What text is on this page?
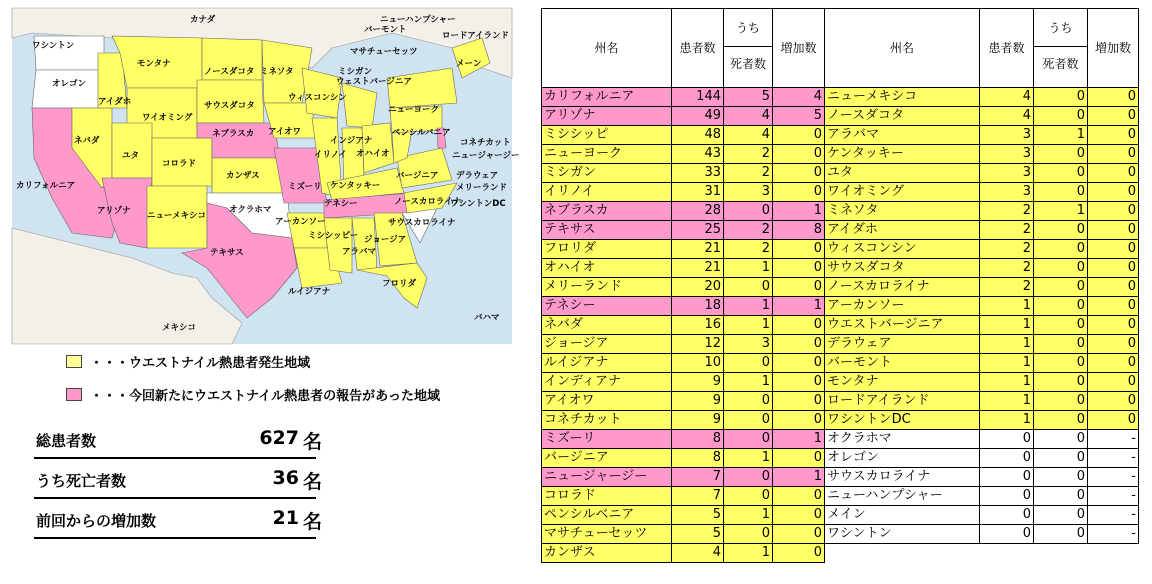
カナダ
メキシコ
バハマ
ワシントン
オレゴン
カリフォルニア
ネバダ
アイダホ
モンタナ
ワイオミング
ユタ
アリゾナ
コロラド
ニューメキシコ
ノースダコタ
サウスダコタ
ネブラスカ
カンザス
オクラホマ
テキサス
ミネソタ
アイオワ
ミズーリ
アーカンソー
ルイジアナ
ウィスコンシン
イリノイ
ミシガン
インジアナ
オハイオ
ケンタッキー
テネシー
ミシシッピー
アラバマ
ジョージア
フロリダ
サウスカロライナ
ノースカロライナ
バージニア
ウェストバージニア
ペンシルバニア
ニューヨーク
バーモント
ニューハンプシャー
マサチューセッツ
ロードアイランド
メーン
コネチカット
ニュージャージー
デラウェア
メリーランド
ワシントンDC
・・・ウエストナイル熱患者発生地域
・・・今回新たにウエストナイル熱患者の報告があった地域
総患者数	627 名
うち死亡者数	36 名
前回からの増加数	21 名
州名	患者数	うち
死者数	増加数
カリフォルニア	144	5	4
アリゾナ	49	4	5
ミシシッピ	48	4	0
ニューヨーク	43	2	0
ミシガン	33	2	0
イリノイ	31	3	0
ネブラスカ	28	0	1
テキサス	25	2	8
フロリダ	21	2	0
オハイオ	21	1	0
メリーランド	20	0	0
テネシー	18	1	1
ネバダ	16	1	0
ジョージア	12	3	0
ルイジアナ	10	0	0
インディアナ	9	1	0
アイオワ	9	0	0
コネチカット	9	0	0
ミズーリ	8	0	1
バージニア	8	1	0
ニュージャージー	7	0	1
コロラド	7	0	0
ペンシルベニア	5	1	0
マサチューセッツ	5	0	0
カンザス	4	1	0
州名	患者数	うち
死者数	増加数
ニューメキシコ	4	0	0
ノースダコタ	4	0	0
アラバマ	3	1	0
ケンタッキー	3	0	0
ユタ	3	0	0
ワイオミング	3	0	0
ミネソタ	2	1	0
アイダホ	2	0	0
ウィスコンシン	2	0	0
サウスダコタ	2	0	0
ノースカロライナ	2	0	0
アーカンソー	1	0	0
ウエストバージニア	1	0	0
デラウェア	1	0	0
バーモント	1	0	0
モンタナ	1	0	0
ロードアイランド	1	0	0
ワシントンDC	1	0	0
オクラホマ	0	0	-
オレゴン	0	0	-
サウスカロライナ	0	0	-
ニューハンプシャー	0	0	-
メイン	0	0	-
ワシントン	0	0	-
